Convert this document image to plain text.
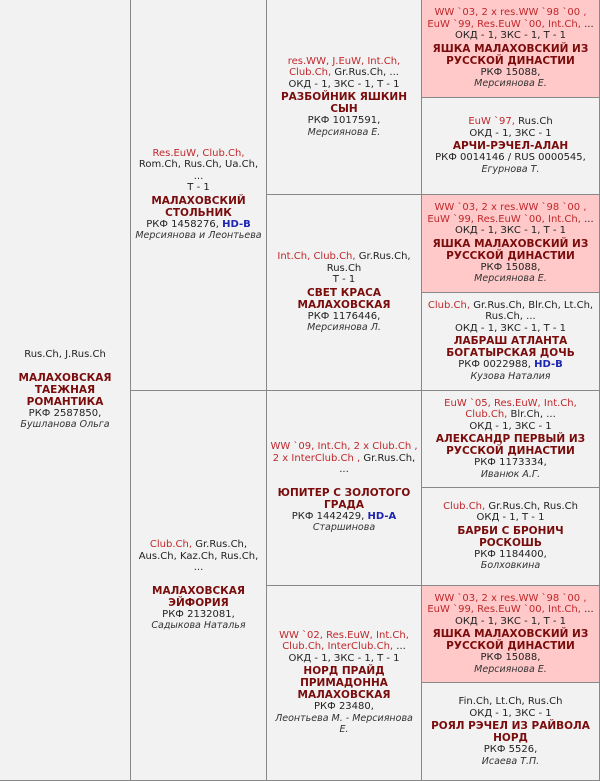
Rus.Ch, J.Rus.Ch
МАЛАХОВСКАЯ ТАЕЖНАЯ РОМАНТИКА
РКФ 2587850,
Бушланова Ольга
Res.EuW, Club.Ch, Rom.Ch, Rus.Ch, Ua.Ch, ...
Т - 1
МАЛАХОВСКИЙ СТОЛЬНИК
РКФ 1458276, HD-B
Мерсиянова и Леонтьева
Club.Ch, Gr.Rus.Ch, Aus.Ch, Kaz.Ch, Rus.Ch, ...
МАЛАХОВСКАЯ ЭЙФОРИЯ
РКФ 2132081,
Садыкова Наталья
res.WW, J.EuW, Int.Ch, Club.Ch, Gr.Rus.Ch, ...
ОКД - 1, ЗКС - 1, Т - 1
РАЗБОЙНИК ЯШКИН СЫН
РКФ 1017591,
Мерсиянова Е.
Int.Ch, Club.Ch, Gr.Rus.Ch, Rus.Ch
Т - 1
СВЕТ КРАСА МАЛАХОВСКАЯ
РКФ 1176446,
Мерсиянова Л.
WW `09, Int.Ch, 2 x Club.Ch , 2 x InterClub.Ch , Gr.Rus.Ch, ...
ЮПИТЕР С ЗОЛОТОГО ГРАДА
РКФ 1442429, HD-A
Старшинова
WW `02, Res.EuW, Int.Ch, Club.Ch, InterClub.Ch, ...
ОКД - 1, ЗКС - 1, Т - 1
НОРД ПРАЙД ПРИМАДОННА МАЛАХОВСКАЯ
РКФ 23480,
Леонтьева М. - Мерсиянова Е.
WW `03, 2 x res.WW `98 `00 , EuW `99, Res.EuW `00, Int.Ch, ...
ОКД - 1, ЗКС - 1, Т - 1
ЯШКА МАЛАХОВСКИЙ ИЗ РУССКОЙ ДИНАСТИИ
РКФ 15088,
Мерсиянова Е.
EuW `97, Rus.Ch
ОКД - 1, ЗКС - 1
АРЧИ-РЭЧЕЛ-АЛАН
РКФ 0014146 / RUS 0000545,
Егурнова Т.
WW `03, 2 x res.WW `98 `00 , EuW `99, Res.EuW `00, Int.Ch, ...
ОКД - 1, ЗКС - 1, Т - 1
ЯШКА МАЛАХОВСКИЙ ИЗ РУССКОЙ ДИНАСТИИ
РКФ 15088,
Мерсиянова Е.
Club.Ch, Gr.Rus.Ch, Blr.Ch, Lt.Ch, Rus.Ch, ...
ОКД - 1, ЗКС - 1, Т - 1
ЛАБРАШ АТЛАНТА БОГАТЫРСКАЯ ДОЧЬ
РКФ 0022988, HD-B
Кузова Наталия
EuW `05, Res.EuW, Int.Ch, Club.Ch, Blr.Ch, ...
ОКД - 1, ЗКС - 1
АЛЕКСАНДР ПЕРВЫЙ ИЗ РУССКОЙ ДИНАСТИИ
РКФ 1173334,
Иванюк А.Г.
Club.Ch, Gr.Rus.Ch, Rus.Ch
ОКД - 1, Т - 1
БАРБИ С БРОНИЧ РОСКОШЬ
РКФ 1184400,
Болховкина
WW `03, 2 x res.WW `98 `00 , EuW `99, Res.EuW `00, Int.Ch, ...
ОКД - 1, ЗКС - 1, Т - 1
ЯШКА МАЛАХОВСКИЙ ИЗ РУССКОЙ ДИНАСТИИ
РКФ 15088,
Мерсиянова Е.
Fin.Ch, Lt.Ch, Rus.Ch
ОКД - 1, ЗКС - 1
РОЯЛ РЭЧЕЛ ИЗ РАЙВОЛА НОРД
РКФ 5526,
Исаева Т.П.
